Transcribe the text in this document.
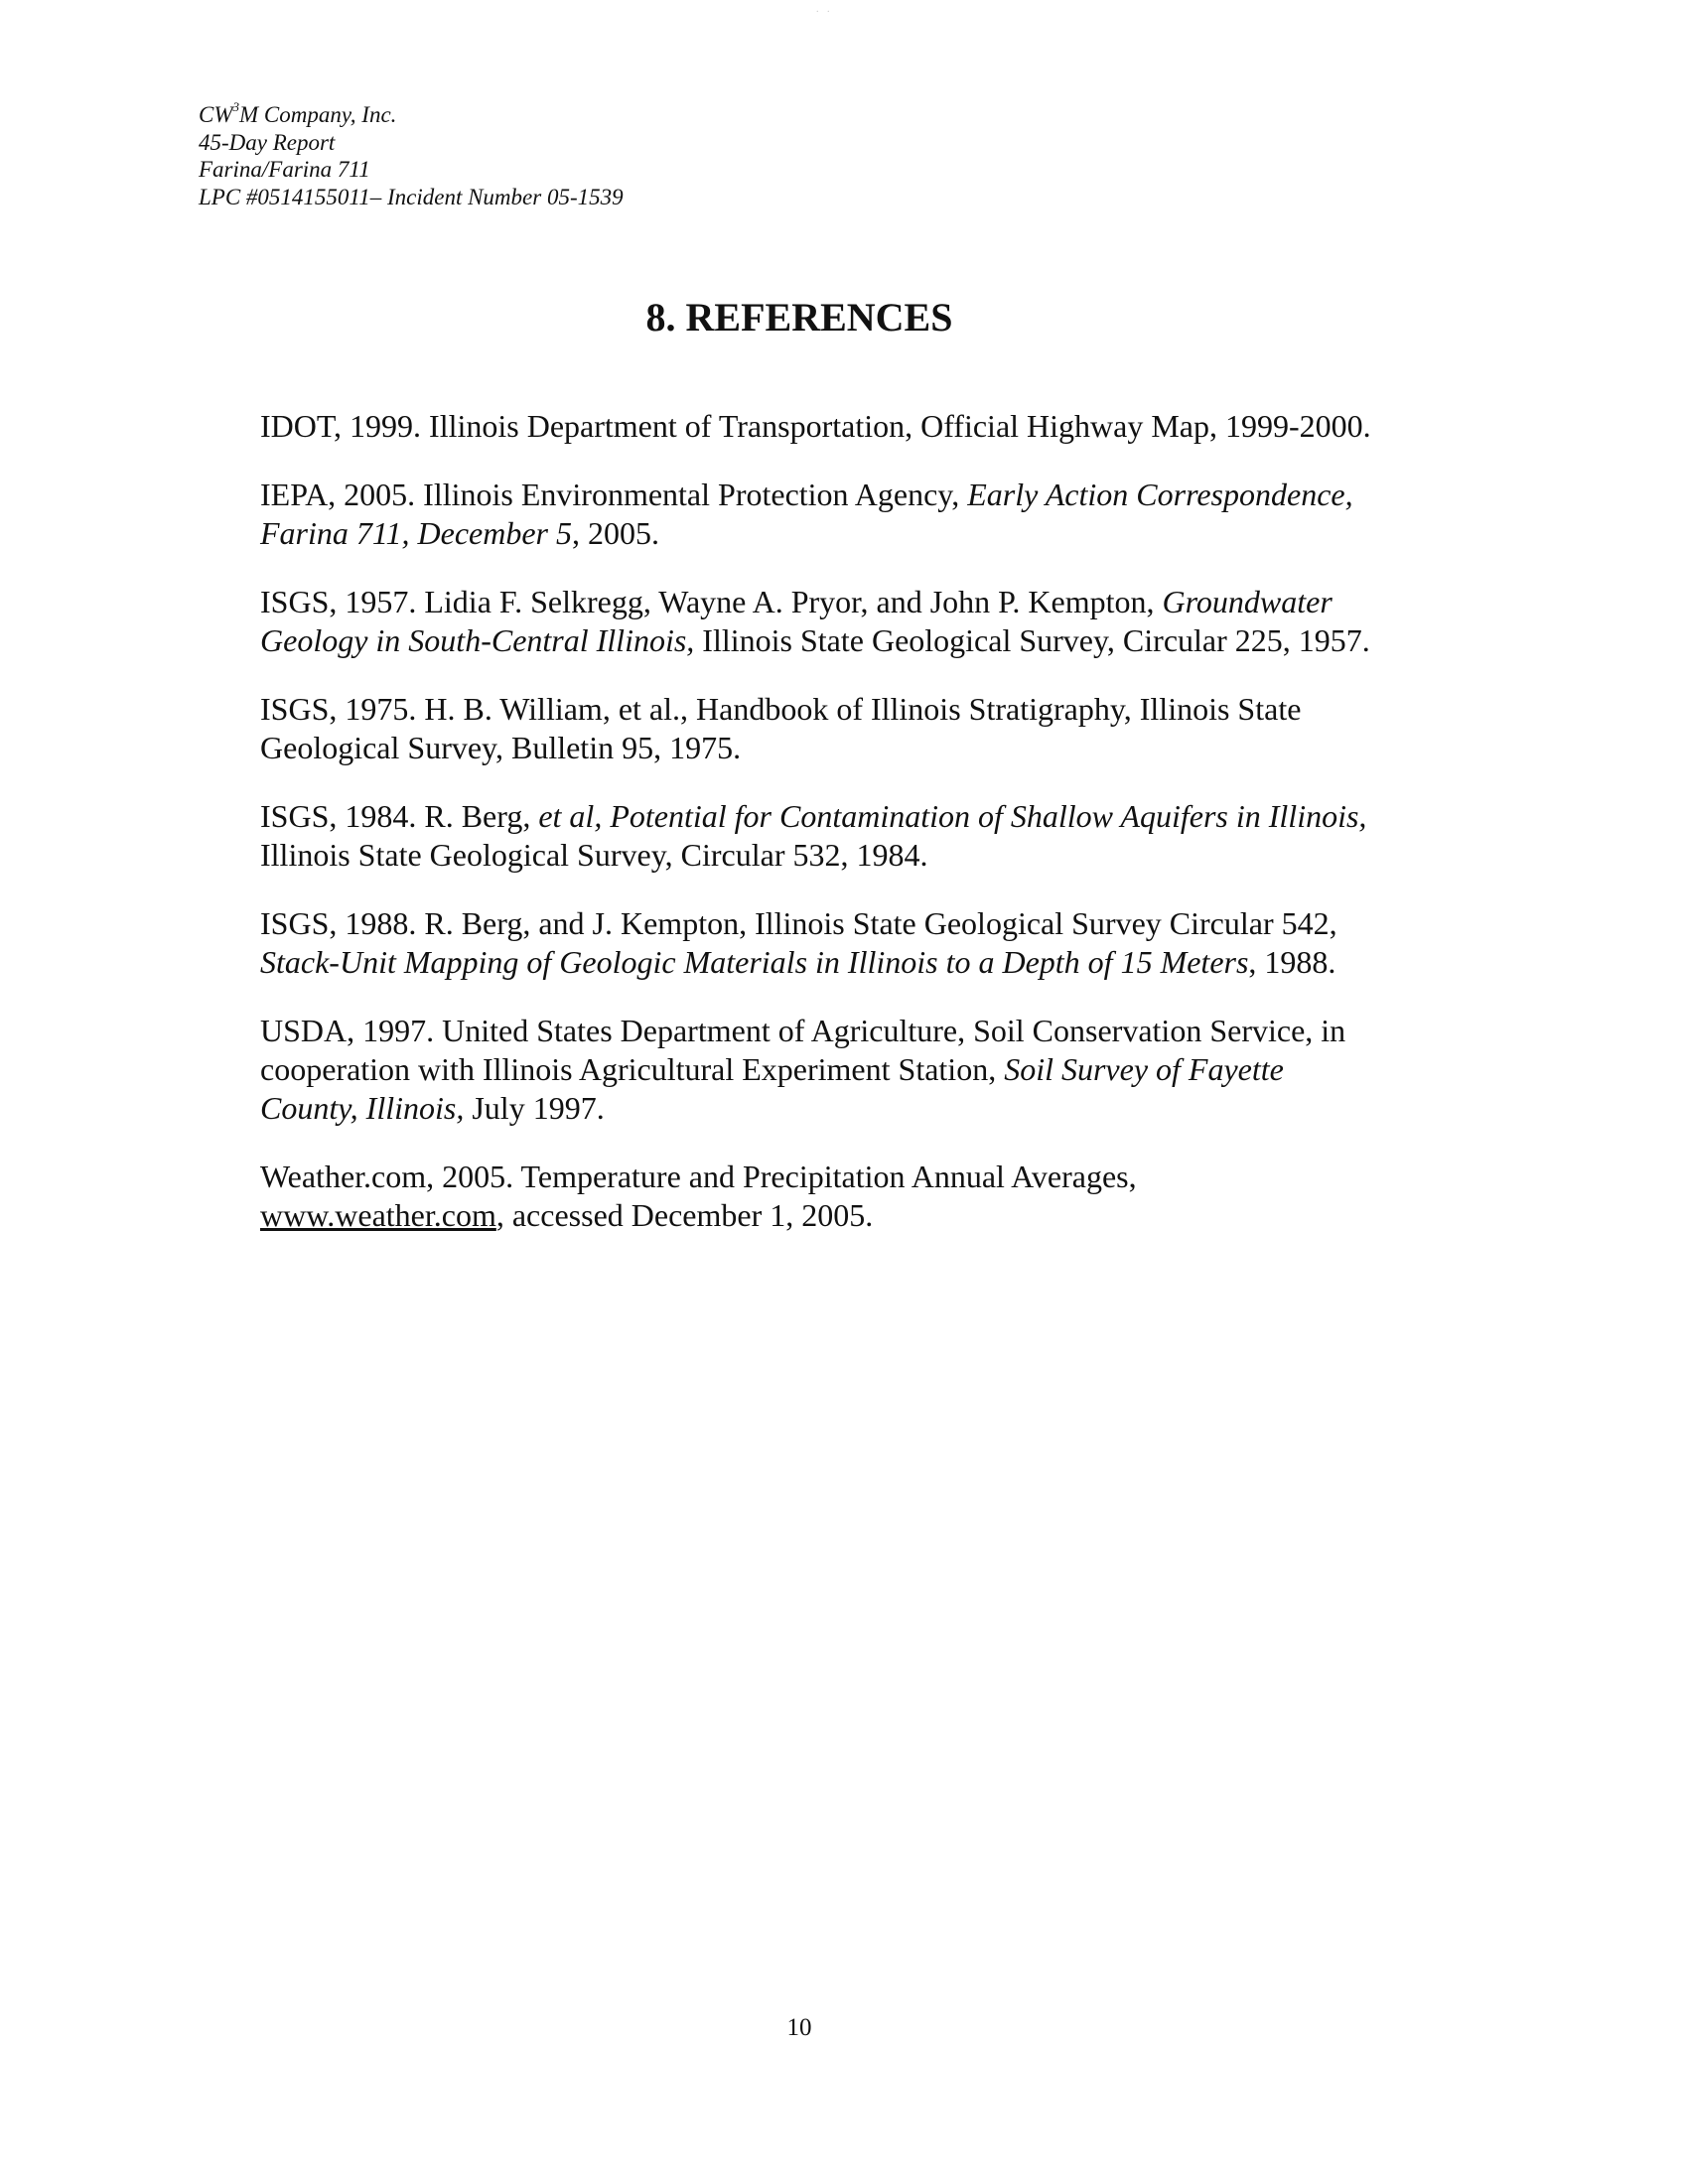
. .
$CW^3M$ Company, Inc.
45-Day Report
Farina/Farina 711
LPC #0514155011– Incident Number 05-1539
8. REFERENCES

IDOT, 1999. Illinois Department of Transportation, Official Highway Map, 1999-2000.

IEPA, 2005. Illinois Environmental Protection Agency, Early Action Correspondence, Farina 711, December 5, 2005.

ISGS, 1957. Lidia F. Selkregg, Wayne A. Pryor, and John P. Kempton, Groundwater Geology in South-Central Illinois, Illinois State Geological Survey, Circular 225, 1957.

ISGS, 1975. H. B. William, et al., Handbook of Illinois Stratigraphy, Illinois State Geological Survey, Bulletin 95, 1975.

ISGS, 1984. R. Berg, et al, Potential for Contamination of Shallow Aquifers in Illinois, Illinois State Geological Survey, Circular 532, 1984.

ISGS, 1988. R. Berg, and J. Kempton, Illinois State Geological Survey Circular 542, Stack-Unit Mapping of Geologic Materials in Illinois to a Depth of 15 Meters, 1988.

USDA, 1997. United States Department of Agriculture, Soil Conservation Service, in cooperation with Illinois Agricultural Experiment Station, Soil Survey of Fayette County, Illinois, July 1997.

Weather.com, 2005. Temperature and Precipitation Annual Averages, www.weather.com, accessed December 1, 2005.

10
